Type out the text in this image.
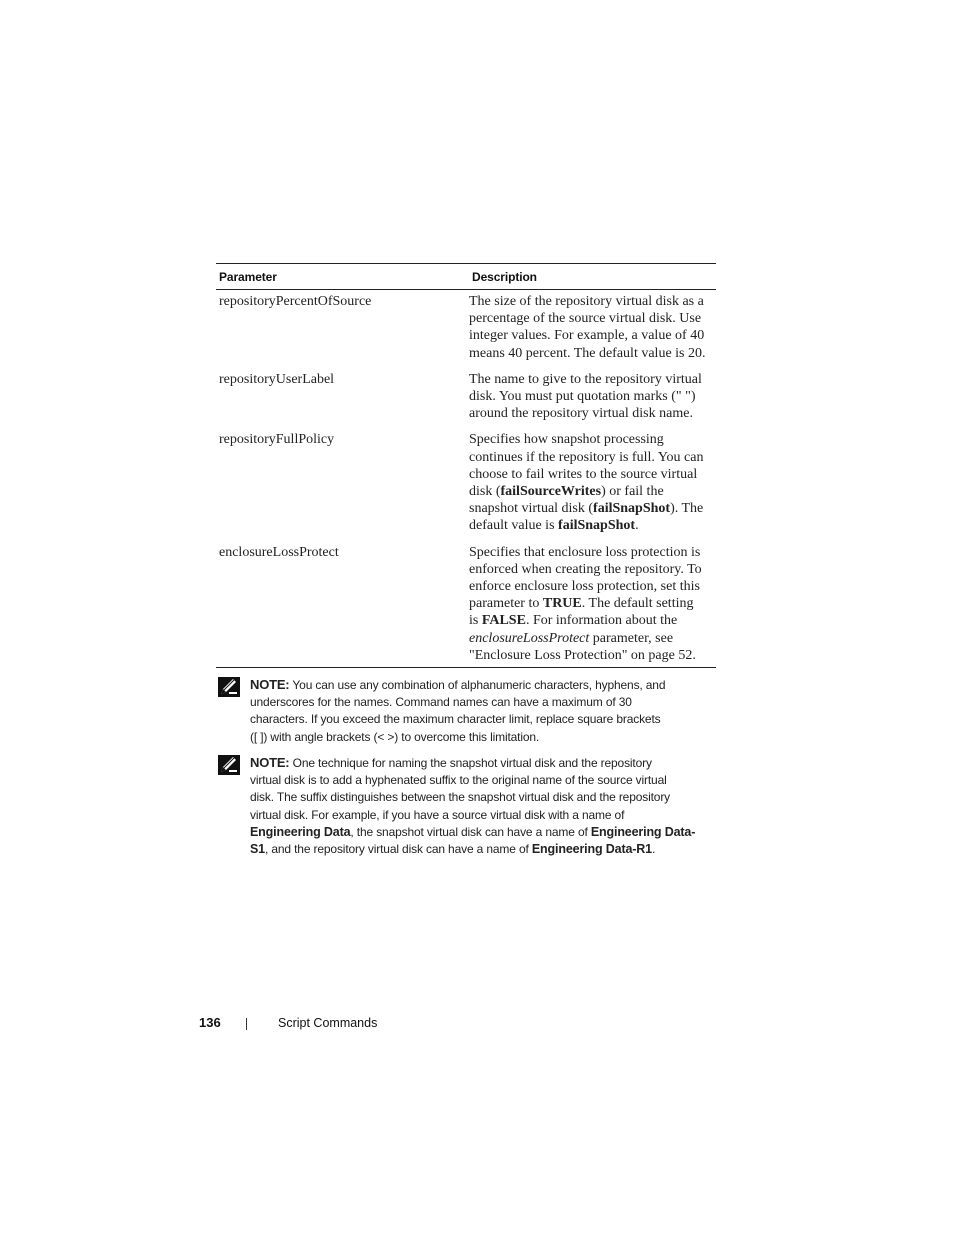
Parameter	Description
repositoryPercentOfSource	The size of the repository virtual disk as a
percentage of the source virtual disk. Use
integer values. For example, a value of 40
means 40 percent. The default value is 20.
repositoryUserLabel	The name to give to the repository virtual
disk. You must put quotation marks (" ")
around the repository virtual disk name.
repositoryFullPolicy	Specifies how snapshot processing
continues if the repository is full. You can
choose to fail writes to the source virtual
disk (failSourceWrites) or fail the
snapshot virtual disk (failSnapShot). The
default value is failSnapShot.
enclosureLossProtect	Specifies that enclosure loss protection is
enforced when creating the repository. To
enforce enclosure loss protection, set this
parameter to TRUE. The default setting
is FALSE. For information about the
enclosureLossProtect parameter, see
"Enclosure Loss Protection" on page 52.
NOTE: You can use any combination of alphanumeric characters, hyphens, and
underscores for the names. Command names can have a maximum of 30
characters. If you exceed the maximum character limit, replace square brackets
([ ]) with angle brackets (< >) to overcome this limitation.
NOTE: One technique for naming the snapshot virtual disk and the repository
virtual disk is to add a hyphenated suffix to the original name of the source virtual
disk. The suffix distinguishes between the snapshot virtual disk and the repository
virtual disk. For example, if you have a source virtual disk with a name of
Engineering Data, the snapshot virtual disk can have a name of Engineering Data-
S1, and the repository virtual disk can have a name of Engineering Data-R1.
136	Script Commands
